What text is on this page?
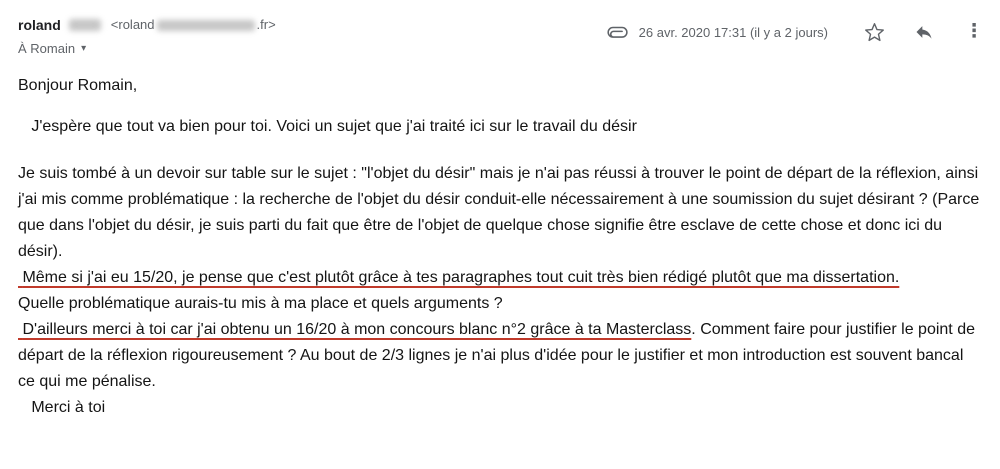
roland	<roland	.fr>
À Romain ▾
26 avr. 2020 17:31 (il y a 2 jours)	⋮

Bonjour Romain,

J'espère que tout va bien pour toi. Voici un sujet que j'ai traité ici sur le travail du désir

Je suis tombé à un devoir sur table sur le sujet : "l'objet du désir" mais je n'ai pas réussi à trouver le point de départ de la réflexion, ainsi j'ai mis comme problématique : la recherche de l'objet du désir conduit-elle nécessairement à une soumission du sujet désirant ? (Parce que dans l'objet du désir, je suis parti du fait que être de l'objet de quelque chose signifie être esclave de cette chose et donc ici du désir).
Même si j'ai eu 15/20, je pense que c'est plutôt grâce à tes paragraphes tout cuit très bien rédigé plutôt que ma dissertation.
Quelle problématique aurais-tu mis à ma place et quels arguments ?

D'ailleurs merci à toi car j'ai obtenu un 16/20 à mon concours blanc n°2 grâce à ta Masterclass. Comment faire pour justifier le point de départ de la réflexion rigoureusement ? Au bout de 2/3 lignes je n'ai plus d'idée pour le justifier et mon introduction est souvent bancal ce qui me pénalise.
Merci à toi
